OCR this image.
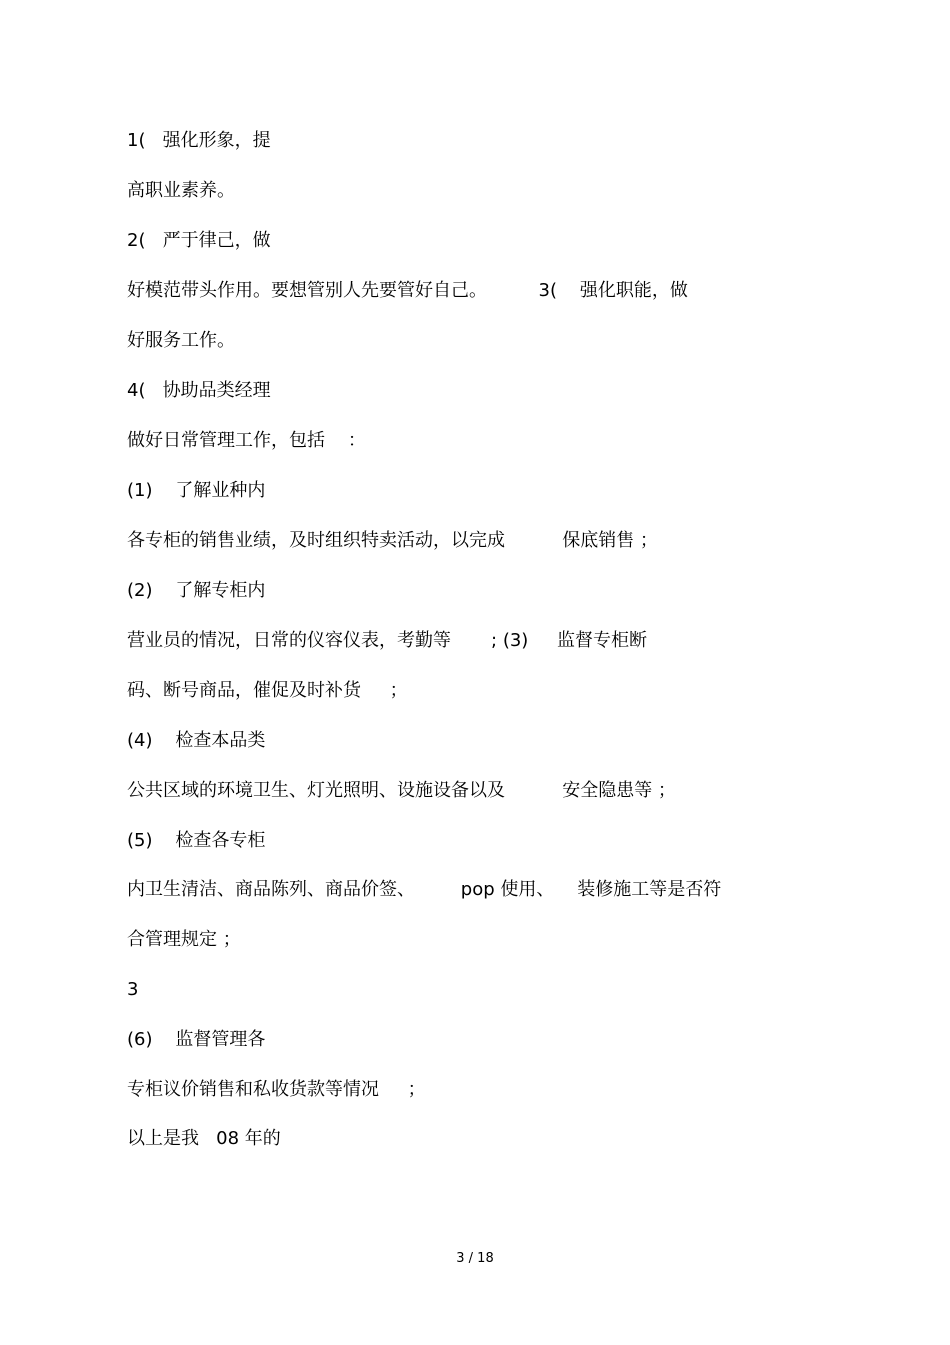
1(   强化形象，提

高职业素养。

2(   严于律己，做

好模范带头作用。要想管别人先要管好自己。         3(    强化职能，做

好服务工作。

4(   协助品类经理

做好日常管理工作，包括    ：

(1)    了解业种内

各专柜的销售业绩，及时组织特卖活动，以完成          保底销售 ；

(2)    了解专柜内

营业员的情况，日常的仪容仪表，考勤等       ; (3)     监督专柜断

码、断号商品，催促及时补货     ；

(4)    检查本品类

公共区域的环境卫生、灯光照明、设施设备以及          安全隐患等 ；

(5)    检查各专柜

内卫生清洁、商品陈列、商品价签、        pop 使用、    装修施工等是否符

合管理规定 ；

3

(6)    监督管理各

专柜议价销售和私收货款等情况     ；

以上是我   08 年的

3 / 18
